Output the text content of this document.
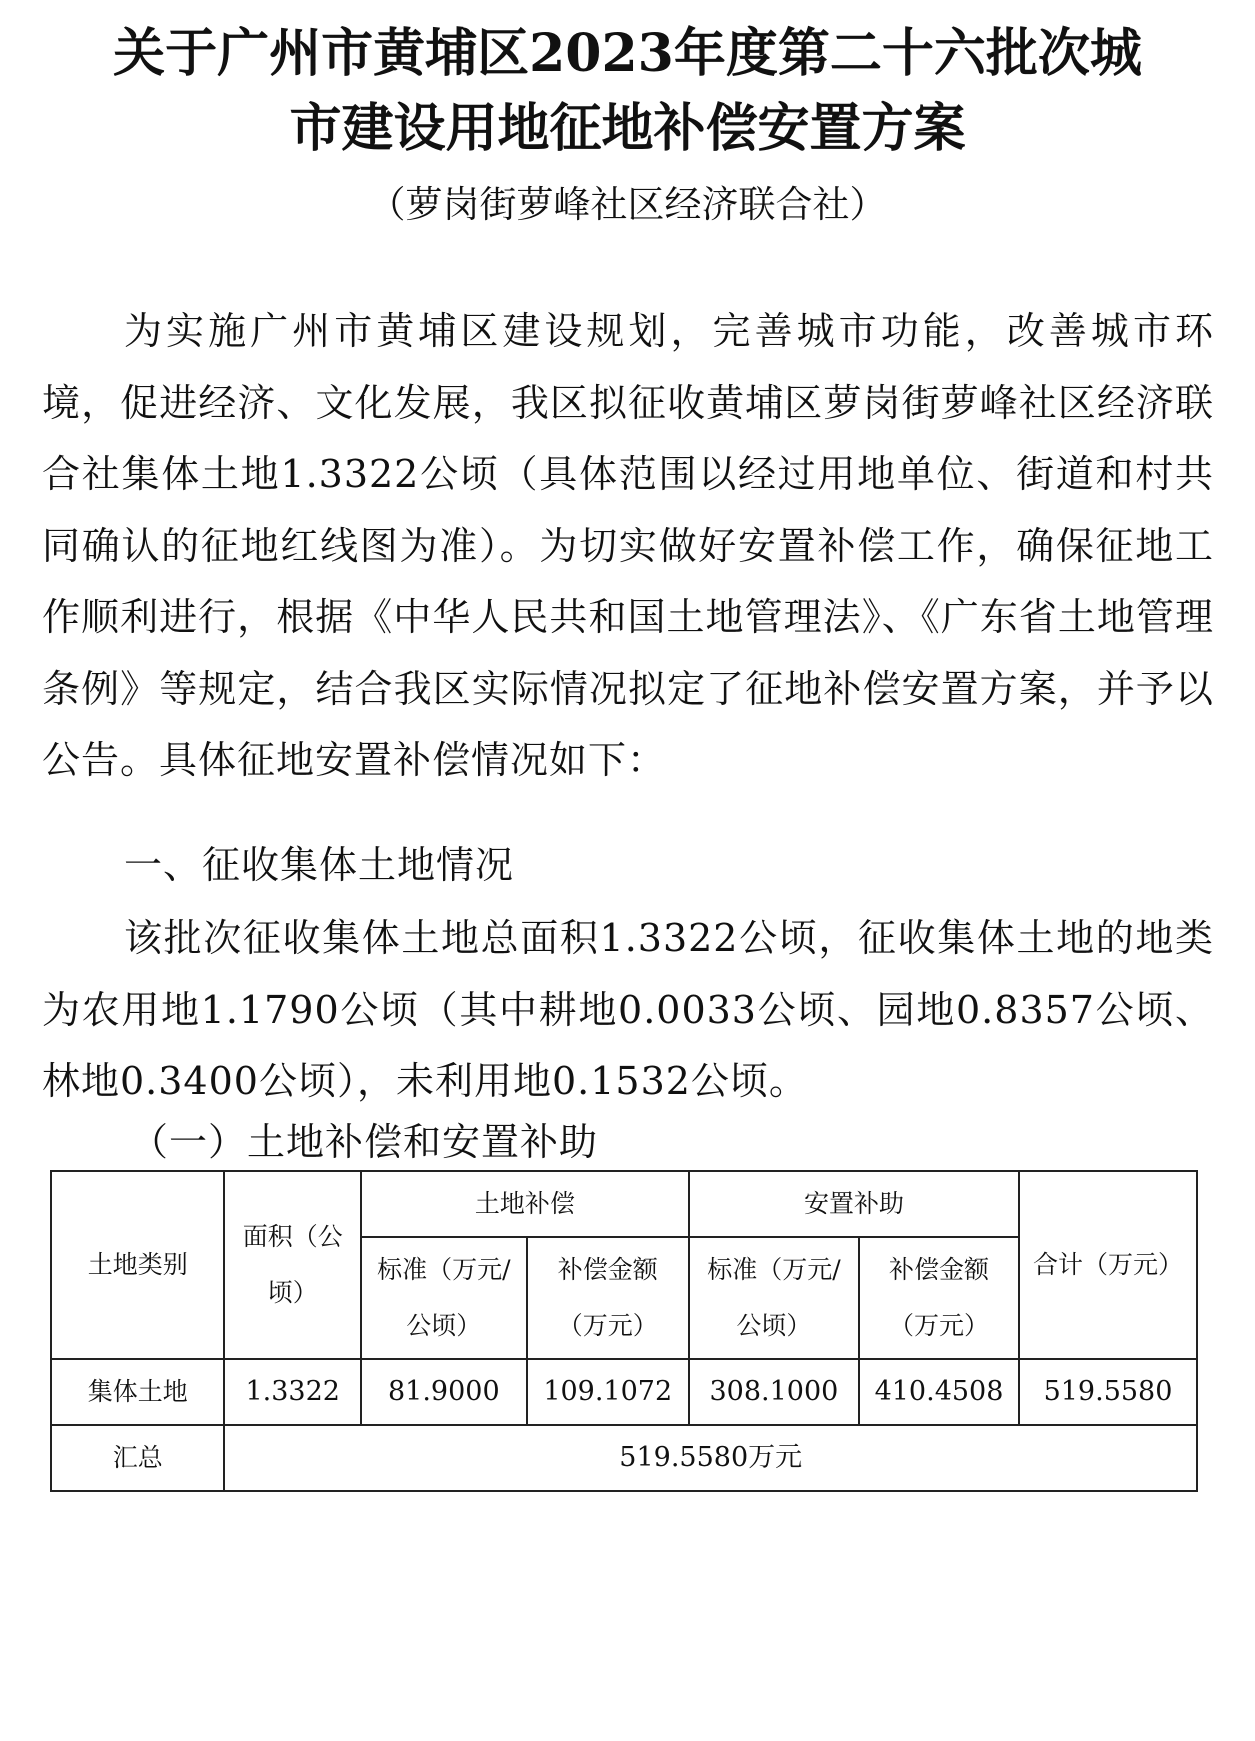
关于广州市黄埔区2023年度第二十六批次城
市建设用地征地补偿安置方案

（萝岗街萝峰社区经济联合社）

为实施广州市黄埔区建设规划，完善城市功能，改善城市环境，促进经济、文化发展，我区拟征收黄埔区萝岗街萝峰社区经济联合社集体土地1.3322公顷（具体范围以经过用地单位、街道和村共同确认的征地红线图为准）。为切实做好安置补偿工作，确保征地工作顺利进行，根据《中华人民共和国土地管理法》、《广东省土地管理条例》等规定，结合我区实际情况拟定了征地补偿安置方案，并予以公告。具体征地安置补偿情况如下：

一、征收集体土地情况

该批次征收集体土地总面积1.3322公顷，征收集体土地的地类为农用地1.1790公顷（其中耕地0.0033公顷、园地0.8357公顷、林地0.3400公顷），未利用地0.1532公顷。

（一）土地补偿和安置补助

土地类别	面积（公顷）	土地补偿		安置补助		合计（万元）
		标准（万元/公顷）	补偿金额（万元）	标准（万元/公顷）	补偿金额（万元）	
集体土地	1.3322	81.9000	109.1072	308.1000	410.4508	519.5580
汇总	519.5580万元					
